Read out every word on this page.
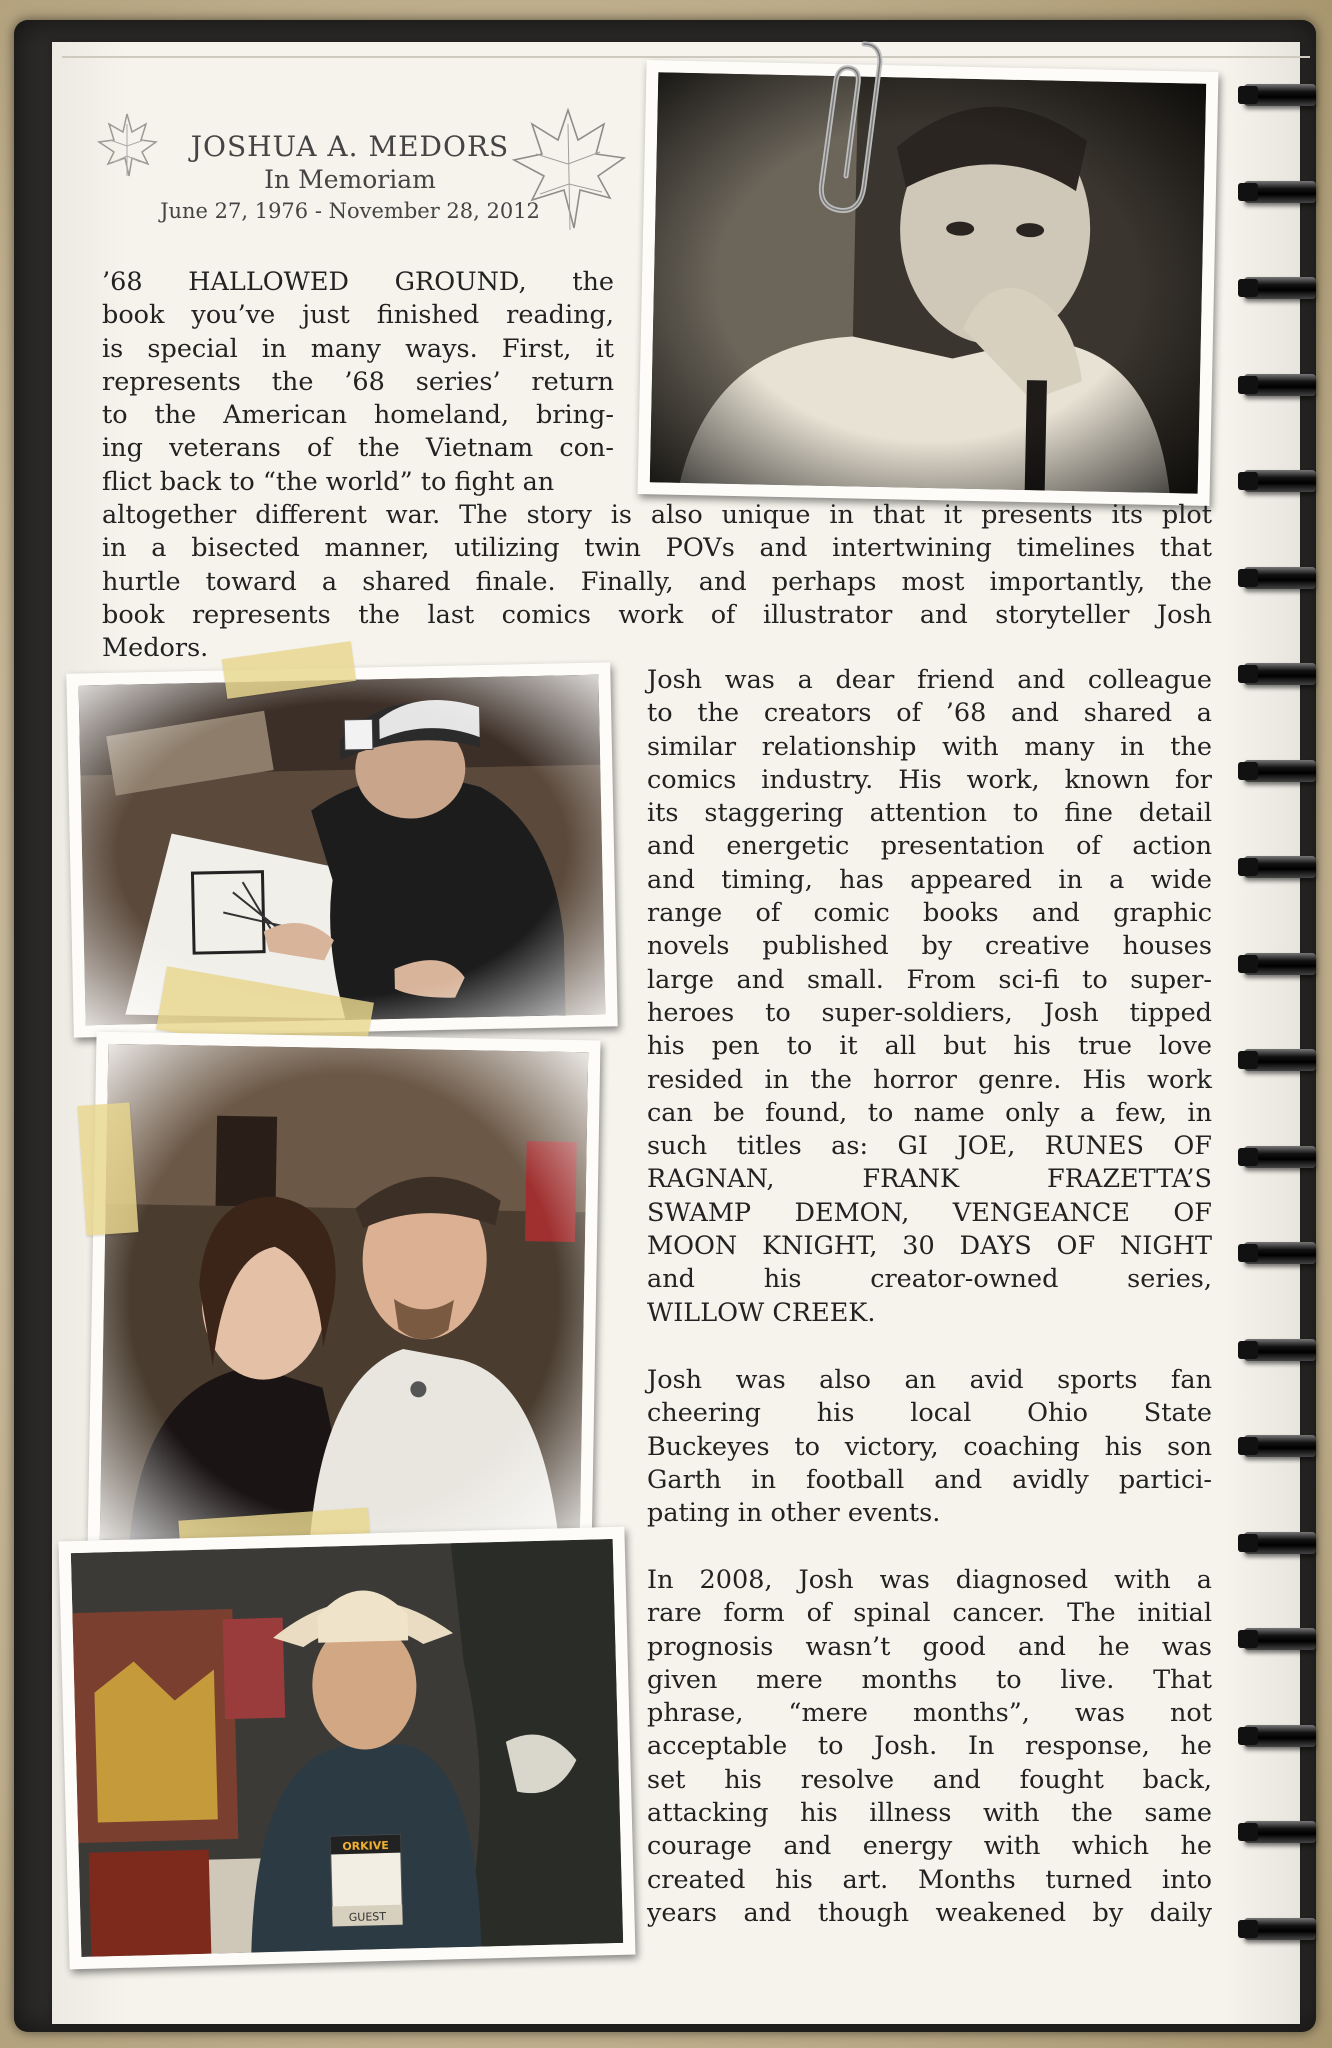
JOSHUA A. MEDORS
In Memoriam
June 27, 1976 - November 28, 2012
’68 HALLOWED GROUND, the
book you’ve just finished reading,
is special in many ways. First, it
represents the ’68 series’ return
to the American homeland, bring-
ing veterans of the Vietnam con-
flict back to “the world” to fight an
altogether different war. The story is also unique in that it presents its plot
in a bisected manner, utilizing twin POVs and intertwining timelines that
hurtle toward a shared finale. Finally, and perhaps most importantly, the
book represents the last comics work of illustrator and storyteller Josh
Medors.
ORKIVE
GUEST
Josh was a dear friend and colleague
to the creators of ’68 and shared a
similar relationship with many in the
comics industry. His work, known for
its staggering attention to fine detail
and energetic presentation of action
and timing, has appeared in a wide
range of comic books and graphic
novels published by creative houses
large and small. From sci-fi to super-
heroes to super-soldiers, Josh tipped
his pen to it all but his true love
resided in the horror genre. His work
can be found, to name only a few, in
such titles as: GI JOE, RUNES OF
RAGNAN, FRANK FRAZETTA’S
SWAMP DEMON, VENGEANCE OF
MOON KNIGHT, 30 DAYS OF NIGHT
and his creator-owned series,
WILLOW CREEK.
Josh was also an avid sports fan
cheering his local Ohio State
Buckeyes to victory, coaching his son
Garth in football and avidly partici-
pating in other events.
In 2008, Josh was diagnosed with a
rare form of spinal cancer. The initial
prognosis wasn’t good and he was
given mere months to live. That
phrase, “mere months”, was not
acceptable to Josh. In response, he
set his resolve and fought back,
attacking his illness with the same
courage and energy with which he
created his art. Months turned into
years and though weakened by daily
